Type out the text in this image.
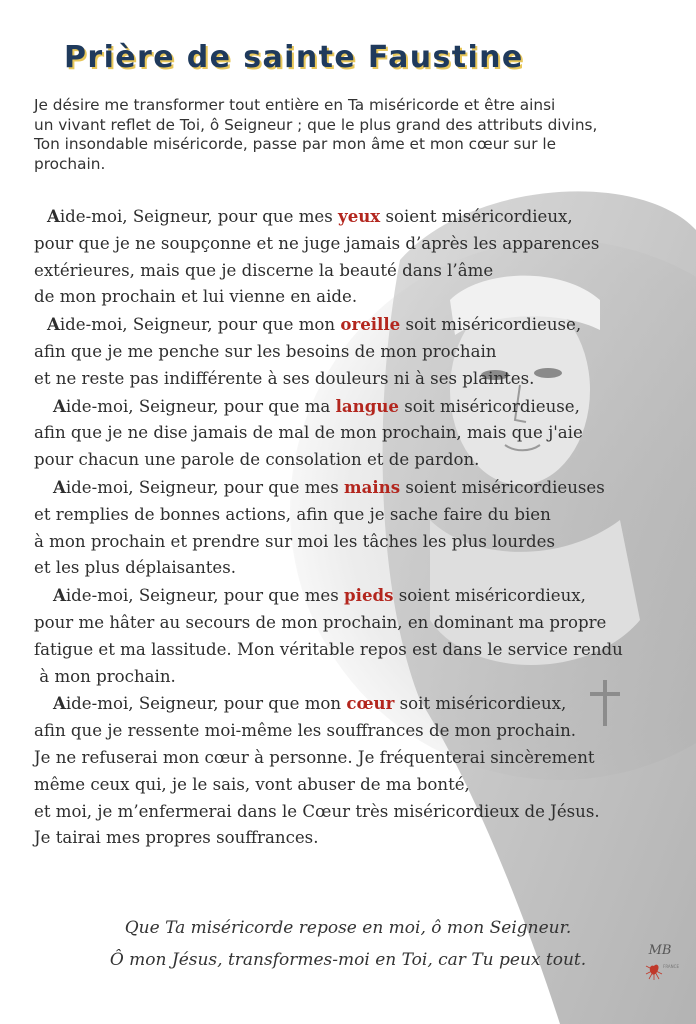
Prière de sainte Faustine
Je désire me transformer tout entière en Ta miséricorde et être ainsi
un vivant reflet de Toi, ô Seigneur ; que le plus grand des attributs divins,
Ton insondable miséricorde, passe par mon âme et mon cœur sur le
prochain.
Aide-moi, Seigneur, pour que mes yeux soient miséricordieux,
pour que je ne soupçonne et ne juge jamais d’après les apparences
extérieures, mais que je discerne la beauté dans l’âme
de mon prochain et lui vienne en aide.
Aide-moi, Seigneur, pour que mon oreille soit miséricordieuse,
afin que je me penche sur les besoins de mon prochain
et ne reste pas indifférente à ses douleurs ni à ses plaintes.
Aide-moi, Seigneur, pour que ma langue soit miséricordieuse,
afin que je ne dise jamais de mal de mon prochain, mais que j'aie
pour chacun une parole de consolation et de pardon.
Aide-moi, Seigneur, pour que mes mains soient miséricordieuses
et remplies de bonnes actions, afin que je sache faire du bien
à mon prochain et prendre sur moi les tâches les plus lourdes
et les plus déplaisantes.
Aide-moi, Seigneur, pour que mes pieds soient miséricordieux,
pour me hâter au secours de mon prochain, en dominant ma propre
fatigue et ma lassitude. Mon véritable repos est dans le service rendu
à mon prochain.
Aide-moi, Seigneur, pour que mon cœur soit miséricordieux,
afin que je ressente moi-même les souffrances de mon prochain.
Je ne refuserai mon cœur à personne. Je fréquenterai sincèrement
même ceux qui, je le sais, vont abuser de ma bonté,
et moi, je m’enfermerai dans le Cœur très miséricordieux de Jésus.
Je tairai mes propres souffrances.
Que Ta miséricorde repose en moi, ô mon Seigneur.
Ô mon Jésus, transformes-moi en Toi, car Tu peux tout.	MB
FRANCE
